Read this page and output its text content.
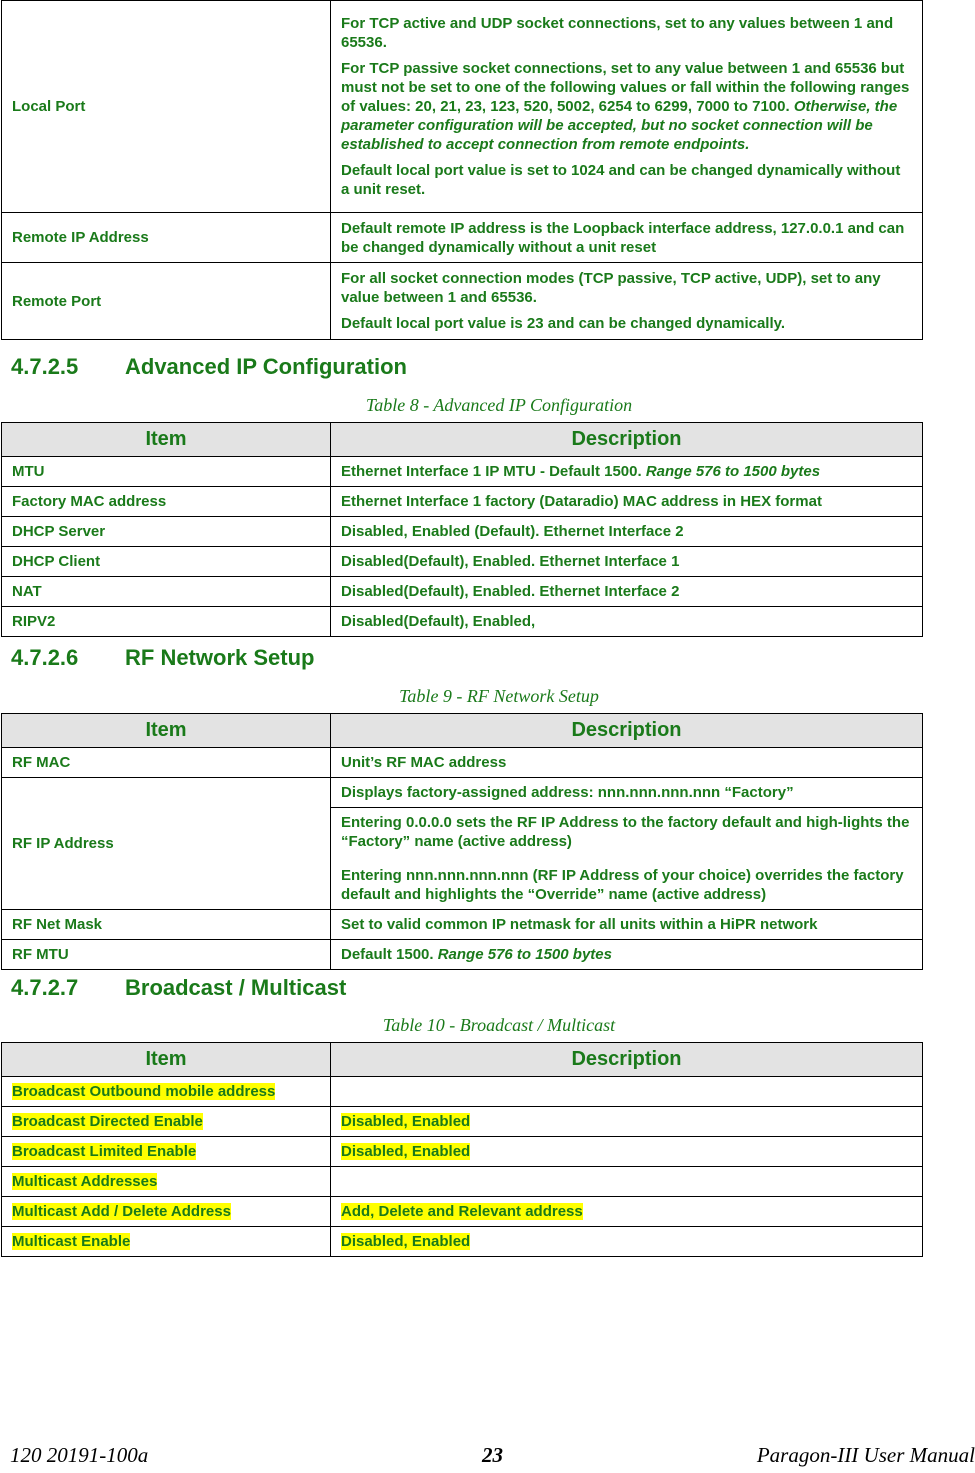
Local Port	For TCP active and UDP socket connections, set to any values between 1 and 65536.

For TCP passive socket connections, set to any value between 1 and 65536 but must not be set to one of the following values or fall within the following ranges of values: 20, 21, 23, 123, 520, 5002, 6254 to 6299, 7000 to 7100. Otherwise, the parameter configuration will be accepted, but no socket connection will be established to accept connection from remote endpoints.

Default local port value is set to 1024 and can be changed dynamically without a unit reset.

Remote IP Address	Default remote IP address is the Loopback interface address, 127.0.0.1 and can be changed dynamically without a unit reset
Remote Port	For all socket connection modes (TCP passive, TCP active, UDP), set to any value between 1 and 65536.

Default local port value is 23 and can be changed dynamically.

4.7.2.5 Advanced IP Configuration

Table 8 - Advanced IP Configuration

Item	Description
MTU	Ethernet Interface 1 IP MTU - Default 1500. Range 576 to 1500 bytes
Factory MAC address	Ethernet Interface 1 factory (Dataradio) MAC address in HEX format
DHCP Server	Disabled, Enabled (Default). Ethernet Interface 2
DHCP Client	Disabled(Default), Enabled. Ethernet Interface 1
NAT	Disabled(Default), Enabled. Ethernet Interface 2
RIPV2	Disabled(Default), Enabled,
4.7.2.6 RF Network Setup

Table 9 - RF Network Setup

Item	Description
RF MAC	Unit’s RF MAC address
RF IP Address	Displays factory-assigned address: nnn.nnn.nnn.nnn “Factory”

	Entering 0.0.0.0 sets the RF IP Address to the factory default and high-lights the “Factory” name (active address)

	Entering nnn.nnn.nnn.nnn (RF IP Address of your choice) overrides the factory default and highlights the “Override” name (active address)

RF Net Mask	Set to valid common IP netmask for all units within a HiPR network
RF MTU	Default 1500. Range 576 to 1500 bytes
4.7.2.7 Broadcast / Multicast

Table 10 - Broadcast / Multicast

Item	Description
Broadcast Outbound mobile address	
Broadcast Directed Enable	Disabled, Enabled
Broadcast Limited Enable	Disabled, Enabled
Multicast Addresses	
Multicast Add / Delete Address	Add, Delete and Relevant address
Multicast Enable	Disabled, Enabled
120 20191-100a	23	Paragon-III User Manual
